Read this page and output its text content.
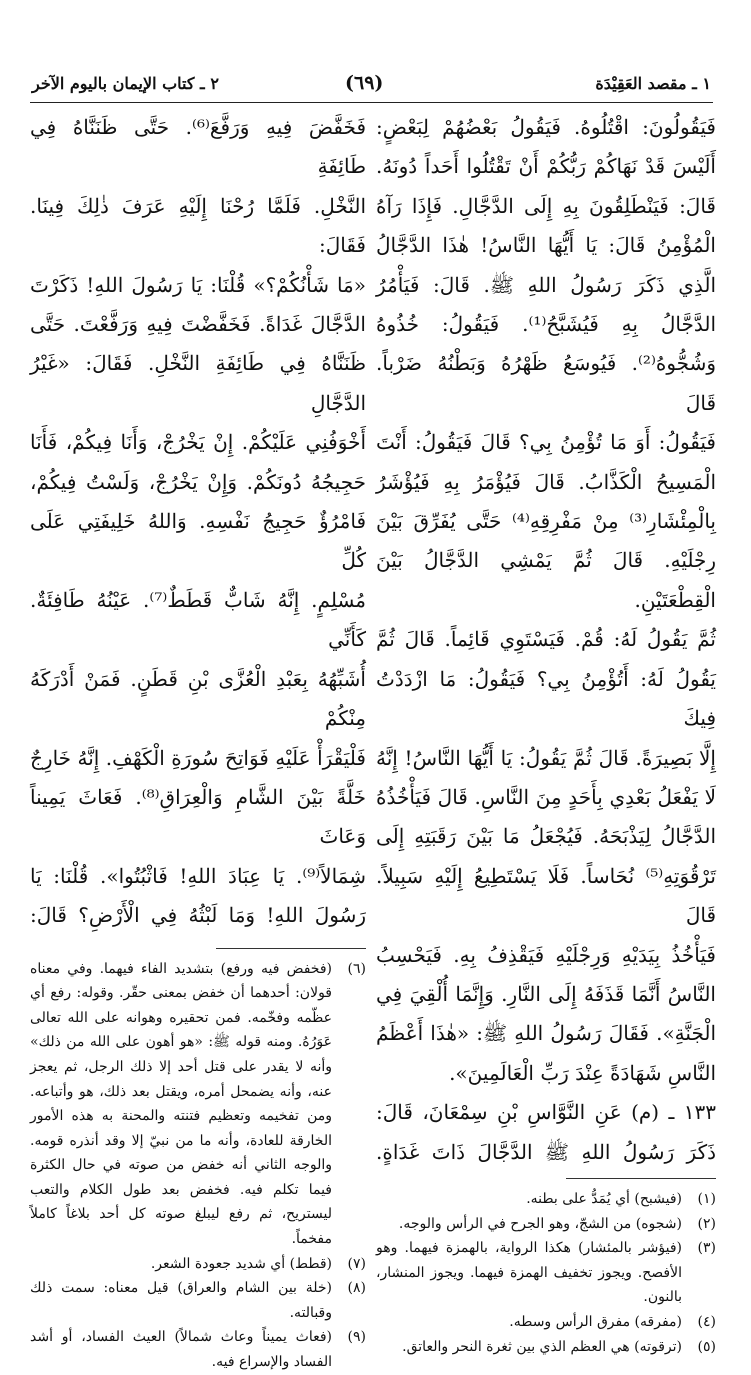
١ ـ مقصد العَقِيْدَة
(٦٩)
٢ ـ كتاب الإيمان باليوم الآخر

فَيَقُولُونَ: اقْتُلُوهُ. فَيَقُولُ بَعْضُهُمْ لِبَعْضٍ:

أَلَيْسَ قَدْ نَهَاكُمْ رَبُّكُمْ أَنْ تَقْتُلُوا أَحَداً دُونَهُ.

قَالَ: فَيَنْطَلِقُونَ بِهِ إِلَى الدَّجَّالِ. فَإِذَا رَآهُ

الْمُؤْمِنُ قَالَ: يَا أَيُّهَا النَّاسُ! هٰذَا الدَّجَّالُ

الَّذِي ذَكَرَ رَسُولُ اللهِ ﷺ. قَالَ: فَيَأْمُرُ

الدَّجَّالُ بِهِ فَيُشَبَّحُ⁽¹⁾. فَيَقُولُ: خُذُوهُ

وَشُجُّوهُ⁽²⁾. فَيُوسَعُ ظَهْرُهُ وَبَطْنُهُ ضَرْباً. قَالَ

فَيَقُولُ: أَوَ مَا تُؤْمِنُ بِي؟ قَالَ فَيَقُولُ: أَنْتَ

الْمَسِيحُ الْكَذَّابُ. قَالَ فَيُؤْمَرُ بِهِ فَيُؤْشَرُ

بِالْمِئْشَارِ⁽³⁾ مِنْ مَفْرِقِهِ⁽⁴⁾ حَتَّى يُفَرِّقَ بَيْنَ

رِجْلَيْهِ. قَالَ ثُمَّ يَمْشِي الدَّجَّالُ بَيْنَ الْقِطْعَتَيْنِ.

ثُمَّ يَقُولُ لَهُ: قُمْ. فَيَسْتَوِي قَائِماً. قَالَ ثُمَّ

يَقُولُ لَهُ: أَتُؤْمِنُ بِي؟ فَيَقُولُ: مَا ازْدَدْتُ فِيكَ

إِلَّا بَصِيرَةً. قَالَ ثُمَّ يَقُولُ: يَا أَيُّهَا النَّاسُ! إِنَّهُ

لَا يَفْعَلُ بَعْدِي بِأَحَدٍ مِنَ النَّاسِ. قَالَ فَيَأْخُذُهُ

الدَّجَّالُ لِيَذْبَحَهُ. فَيُجْعَلُ مَا بَيْنَ رَقَبَتِهِ إِلَى

تَرْقُوَتِهِ⁽⁵⁾ نُحَاساً. فَلَا يَسْتَطِيعُ إِلَيْهِ سَبِيلاً. قَالَ

فَيَأْخُذُ بِيَدَيْهِ وَرِجْلَيْهِ فَيَقْذِفُ بِهِ. فَيَحْسِبُ

النَّاسُ أَنَّمَا قَذَفَهُ إِلَى النَّارِ. وَإِنَّمَا أُلْقِيَ فِي

الْجَنَّةِ». فَقَالَ رَسُولُ اللهِ ﷺ: «هٰذَا أَعْظَمُ

النَّاسِ شَهَادَةً عِنْدَ رَبِّ الْعَالَمِينَ».

١٣٣ ـ (م) عَنِ النَّوَّاسِ بْنِ سِمْعَانَ، قَالَ:

ذَكَرَ رَسُولُ اللهِ ﷺ الدَّجَّالَ ذَاتَ غَدَاةٍ.

(١)(فيشبح) أي يُمَدُّ على بطنه.

(٢)(شجوه) من الشجّ، وهو الجرح في الرأس والوجه.

(٣)(فيؤشر بالمئشار) هكذا الرواية، بالهمزة فيهما. وهو الأفصح. ويجوز تخفيف الهمزة فيهما. ويجوز المنشار، بالنون.

(٤)(مفرقه) مفرق الرأس وسطه.

(٥)(ترقوته) هي العظم الذي بين ثغرة النحر والعاتق.

فَخَفَّضَ فِيهِ وَرَفَّعَ⁽⁶⁾. حَتَّى ظَنَنَّاهُ فِي طَائِفَةِ

النَّخْلِ. فَلَمَّا رُحْنَا إِلَيْهِ عَرَفَ ذٰلِكَ فِينَا. فَقَالَ:

«مَا شَأْنُكُمْ؟» قُلْنَا: يَا رَسُولَ اللهِ! ذَكَرْتَ

الدَّجَّالَ غَدَاةً. فَخَفَّضْتَ فِيهِ وَرَفَّعْتَ. حَتَّى

ظَنَنَّاهُ فِي طَائِفَةِ النَّخْلِ. فَقَالَ: «غَيْرُ الدَّجَّالِ

أَخْوَفُنِي عَلَيْكُمْ. إِنْ يَخْرُجْ، وَأَنَا فِيكُمْ، فَأَنَا

حَجِيجُهُ دُونَكُمْ. وَإِنْ يَخْرُجْ، وَلَسْتُ فِيكُمْ،

فَامْرُؤٌ حَجِيجُ نَفْسِهِ. وَاللهُ خَلِيفَتِي عَلَى كُلِّ

مُسْلِمٍ. إِنَّهُ شَابٌّ قَطَطٌ⁽⁷⁾. عَيْنُهُ طَافِئَةٌ. كَأَنِّي

أُشَبِّهُهُ بِعَبْدِ الْعُزَّى بْنِ قَطَنٍ. فَمَنْ أَدْرَكَهُ مِنْكُمْ

فَلْيَقْرَأْ عَلَيْهِ فَوَاتِحَ سُورَةِ الْكَهْفِ. إِنَّهُ خَارِجٌ

خَلَّةً بَيْنَ الشَّامِ وَالْعِرَاقِ⁽⁸⁾. فَعَاثَ يَمِيناً وَعَاثَ

شِمَالاً⁽⁹⁾. يَا عِبَادَ اللهِ! فَاثْبُتُوا». قُلْنَا: يَا

رَسُولَ اللهِ! وَمَا لَبْثُهُ فِي الْأَرْضِ؟ قَالَ:

(٦)(فخفض فيه ورفع) بتشديد الفاء فيهما. وفي معناه قولان: أحدهما أن خفض بمعنى حقّر. وقوله: رفع أي عظّمه وفخّمه. فمن تحقيره وهوانه على الله تعالى عَوَرُهُ. ومنه قوله ﷺ: «هو أهون على الله من ذلك» وأنه لا يقدر على قتل أحد إلا ذلك الرجل، ثم يعجز عنه، وأنه يضمحل أمره، ويقتل بعد ذلك، هو وأتباعه. ومن تفخيمه وتعظيم فتنته والمحنة به هذه الأمور الخارقة للعادة، وأنه ما من نبيّ إلا وقد أنذره قومه. والوجه الثاني أنه خفض من صوته في حال الكثرة فيما تكلم فيه. فخفض بعد طول الكلام والتعب ليستريح، ثم رفع ليبلغ صوته كل أحد بلاغاً كاملاً مفخماً.

(٧)(قطط) أي شديد جعودة الشعر.

(٨)(خلة بين الشام والعراق) قيل معناه: سمت ذلك وقبالته.

(٩)(فعاث يميناً وعاث شمالاً) العيث الفساد، أو أشد الفساد والإسراع فيه.
